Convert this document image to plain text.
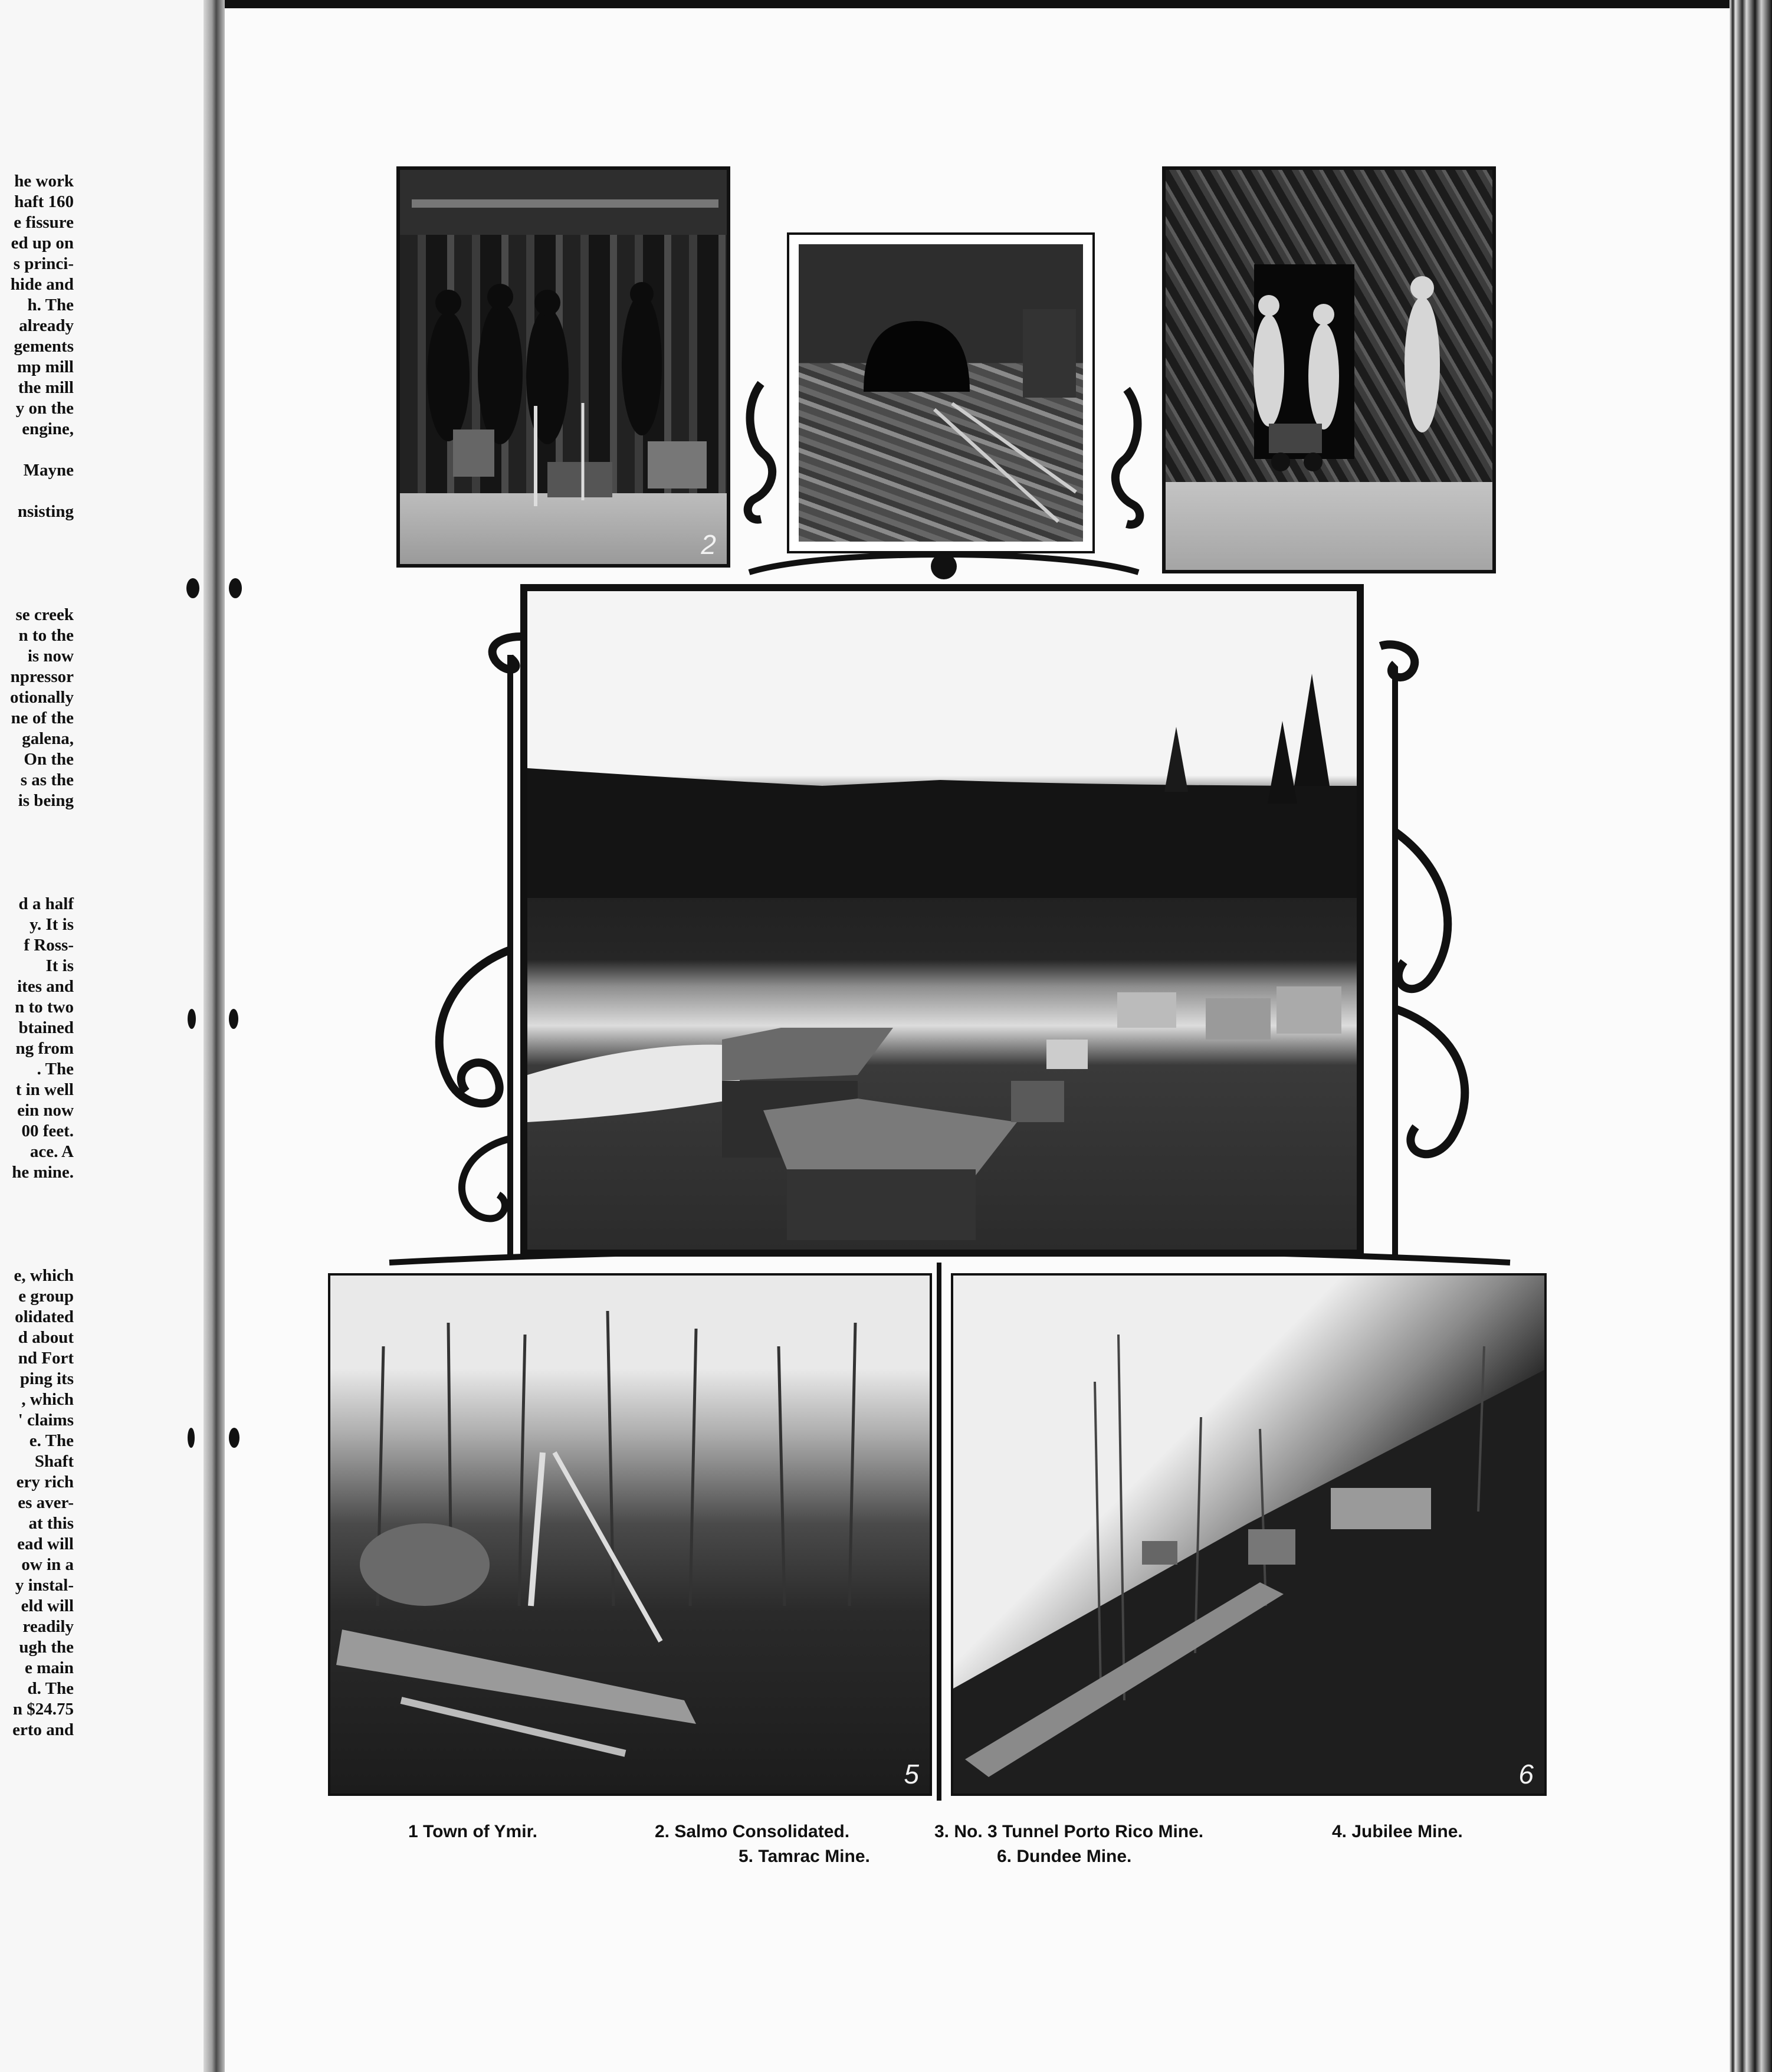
he work
haft 160
e fissure
ed up on
s princi-
hide and
h. The
already
gements
mp mill
the mill
y on the
engine,
Mayne
nsisting
se creek
n to the
is now
npressor
otionally
ne of the
galena,
On the
s as the
is being
d a half
y. It is
f Ross-
It is
ites and
n to two
btained
ng from
. The
t in well
ein now
00 feet.
ace. A
he mine.
e, which
e group
olidated
d about
nd Fort
ping its
, which
' claims
e. The
Shaft
ery rich
es aver-
at this
ead will
ow in a
y instal-
eld will
readily
ugh the
e main
d. The
n $24.75
erto and
2
5	6
1 Town of Ymir.	2. Salmo Consolidated.	3. No. 3 Tunnel Porto Rico Mine.	4. Jubilee Mine.
5. Tamrac Mine.	6. Dundee Mine.
